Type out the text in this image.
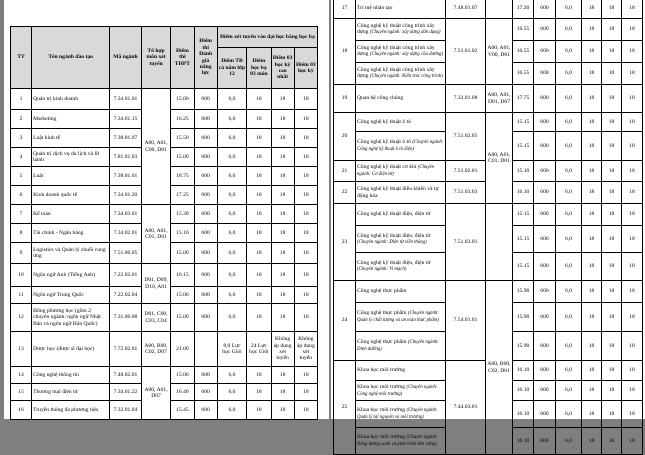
TT	Tên ngành đào tạo	Mã ngành	Tổ hợp môn xét tuyển	Điểm thi THPT	Điểm thi Đánh giá năng lực	Điểm xét tuyển vào đại học bằng học bạ			
						Điểm TB cả năm lớp 12	Điểm học bạ 03 môn	Điểm 03 học kỳ cao nhất	Điểm 03 học kỳ
1	Quản trị kinh doanh	7.34.01.01	A00, A01, C00, D01	15.00	600	6,0	18	18	18
2	Marketing	7.34.01.15		16.25	600	6,0	18	18	18
3	Luật kinh tế	7.38.01.07		15.50	600	6,0	18	18	18
4	Quản trị dịch vụ du lịch và lữ hành	7.81.01.03		15.00	600	6,0	18	18	18
5	Luật	7.38.01.01		18.75	600	6,0	18	18	18
6	Kinh doanh quốc tế	7.34.01.20		17.25	600	6,0	18	18	18
7	Kế toán	7.34.03.01	A00, A01, C01, D01	15.30	600	6,0	18	18	18
8	Tài chính - Ngân hàng	7.34.02.01		15.10	600	6,0	18	18	18
9	Logistics và Quản lý chuỗi cung ứng	7.51.06.05		15.00	600	6,0	18	18	18
10	Ngôn ngữ Anh (Tiếng Anh)	7.22.02.01	D01, D09, D10, A01	16.15	600	6,0	18	18	18
11	Ngôn ngữ Trung Quốc	7.22.02.04		15.00	600	6,0	18	18	18
12	Đông phương học (gồm 2 chuyên ngành: ngôn ngữ Nhật Bản và ngôn ngữ Hàn Quốc)	7.31.06.08	D01, C00, C03, C04	15.00	600	6,0	18	18	18
13	Dược học (được sĩ đại học)	7.72.02.01	A00, B00, C02, D07	21.00		8,0 Lực học Giỏi	24 Lực học Giỏi	Không áp dụng xét tuyển	Không áp dụng xét tuyển
14	Công nghệ thông tin	7.48.02.01	A00, A01, D07	15.00	600	6,0	18	18	18
15	Thương mại điện tử	7.34.01.22		16.40	600	6,0	18	18	18
16	Truyền thông đa phương tiện	7.32.01.04		15.45	600	6,0	18	18	18
17	Trí tuệ nhân tạo	7.48.01.07		17.20	600	6,0	18	18	18
18	Công nghệ kỹ thuật công trình xây dựng (Chuyên ngành: xây dựng dân dụng)	7.51.01.02	A00, A01, V00, D01	16.55	600	6,0	18	18	18
	Công nghệ kỹ thuật công trình xây dựng (Chuyên ngành: xây dựng cầu đường)			16.55	600	6,0	18	18	18
	Công nghệ kỹ thuật công trình xây dựng (Chuyên ngành: Kiến trúc công trình)			16.55	600	6,0	18	18	18
19	Quan hệ công chúng	7.32.01.08	A00, A01, D01, D07	17.75	600	6,0	18	18	18
20	Công nghệ kỹ thuật ô tô	7.51.02.05	A00, A01, C01, D01	15.15	600	6,0	18	18	18
	Công nghệ kỹ thuật ô tô (Chuyên ngành: Công nghệ kỹ thuật ô tô điện)			15.15	600	6,0	18	18	18
21	Công nghệ kỹ thuật cơ khí (Chuyên ngành: Cơ điện tử)	7.51.02.01		15.10	600	6,0	18	18	18
22	Công nghệ kỹ thuật điều khiển và tự động hóa	7.51.03.03		16.10	600	6,0	18	18	18
23	Công nghệ kỹ thuật điện, điện tử	7.51.03.01		15.15	600	6,0	18	18	18
	Công nghệ kỹ thuật điện, điện tử (Chuyên ngành: Điện tử viễn thông)			15.15	600	6,0	18	18	18
	Công nghệ kỹ thuật điện, điện tử (Chuyên ngành: Vi mạch)			15.15	600	6,0	18	18	18
24	Công nghệ thực phẩm	7.54.01.01	A00, B00, C02, D01	15.90	600	6,0	18	18	18
	Công nghệ thực phẩm (Chuyên ngành: Quản lý chất lượng và an toàn thực phẩm)			15.90	600	6,0	18	18	18
	Công nghệ thực phẩm (Chuyên ngành: Dinh dưỡng)			15.90	600	6,0	18	18	18
25	Khoa học môi trường	7.44.03.01		16.10	600	6,0	18	18	18
	Khoa học môi trường (Chuyên ngành: Công nghệ môi trường)			16.10	600	6,0	18	18	18
	Khoa học môi trường (Chuyên ngành: Quản lý tài nguyên và môi trường)			16.10	600	6,0	18	18	18
	Khoa học môi trường (Chuyên ngành: Năng lượng xanh và phát triển bền vững)			16.10	600	6,0	18	18	18
